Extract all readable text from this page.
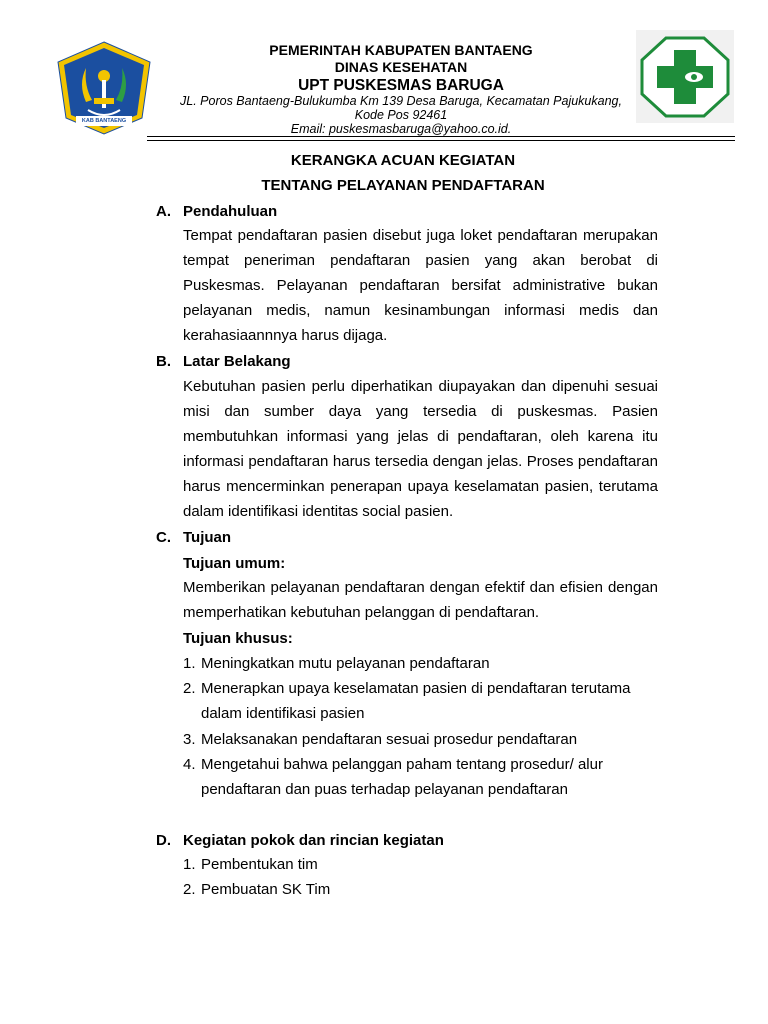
KAB BANTAENG
PEMERINTAH KABUPATEN BANTAENG
DINAS KESEHATAN
UPT PUSKESMAS BARUGA
JL. Poros Bantaeng-Bulukumba Km 139 Desa Baruga, Kecamatan Pajukukang,
Kode Pos 92461
Email: puskesmasbaruga@yahoo.co.id.
KERANGKA ACUAN KEGIATAN
TENTANG PELAYANAN PENDAFTARAN
A. Pendahuluan
Tempat pendaftaran pasien disebut juga loket pendaftaran merupakan tempat peneriman pendaftaran pasien yang akan berobat di Puskesmas. Pelayanan pendaftaran bersifat administrative bukan pelayanan medis, namun kesinambungan informasi medis dan kerahasiaannnya harus dijaga.
B. Latar Belakang
Kebutuhan pasien perlu diperhatikan diupayakan dan dipenuhi sesuai misi dan sumber daya yang tersedia di puskesmas. Pasien membutuhkan informasi yang jelas di pendaftaran, oleh karena itu informasi pendaftaran harus tersedia dengan jelas. Proses pendaftaran harus mencerminkan penerapan upaya keselamatan pasien, terutama dalam identifikasi identitas social pasien.
C. Tujuan
Tujuan umum:
Memberikan pelayanan pendaftaran dengan efektif dan efisien dengan memperhatikan kebutuhan pelanggan di pendaftaran.
Tujuan khusus:
1. Meningkatkan mutu pelayanan pendaftaran
2. Menerapkan upaya keselamatan pasien di pendaftaran terutama
dalam identifikasi pasien
3. Melaksanakan pendaftaran sesuai prosedur pendaftaran
4. Mengetahui bahwa pelanggan paham tentang prosedur/ alur
pendaftaran dan puas terhadap pelayanan pendaftaran
D. Kegiatan pokok dan rincian kegiatan
1. Pembentukan tim
2. Pembuatan SK Tim
